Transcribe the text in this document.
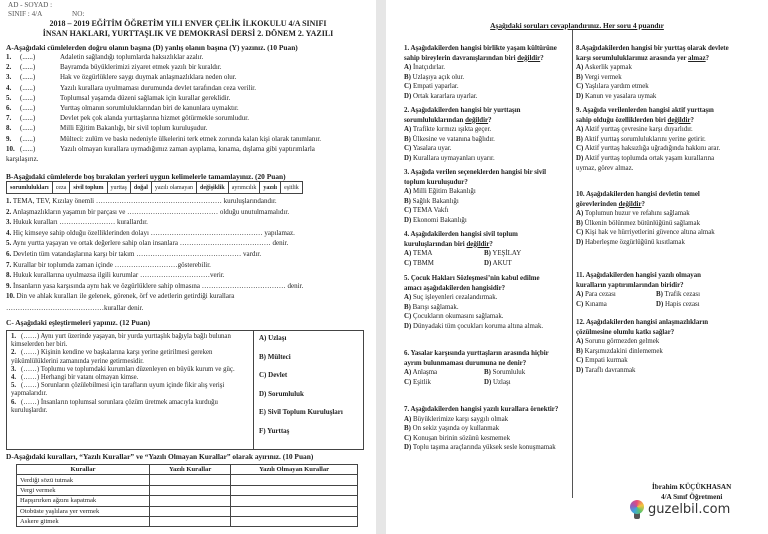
AD - SOYAD :
SINIF : 4/A	NO:
2018 – 2019 EĞİTİM ÖĞRETİM YILI ENVER ÇELİK İLKOKULU 4/A SINIFI
İNSAN HAKLARI, YURTTAŞLIK VE DEMOKRASİ DERSİ 2. DÖNEM 2. YAZILI
A-Aşağıdaki cümlelerden doğru olanın başına (D) yanlış olanın başına (Y) yazınız. (10 Puan)
1. (......)	Adaletin sağlandığı toplumlarda haksızlıklar azalır.
2. (......)	Bayramda büyüklerimizi ziyaret etmek yazılı bir kuraldır.
3. (......)	Hak ve özgürlüklere saygı duymak anlaşmazlıklara neden olur.
4. (......)	Yazılı kurallara uyulmaması durumunda devlet tarafından ceza verilir.
5. (......)	Toplumsal yaşamda düzeni sağlamak için kurallar gereklidir.
6. (......)	Yurttaş olmanın sorumluluklarından biri de kanunlara uymaktır.
7. (......)	Devlet pek çok alanda yurttaşlarına hizmet götürmekle sorumludur.
8. (......)	Milli Eğitim Bakanlığı, bir sivil toplum kuruluşudur.
9. (......)	Mülteci: zulüm ve baskı nedeniyle ülkelerini terk etmek zorunda kalan kişi olarak tanımlanır.
10. (......)	Yazılı olmayan kurallara uymadığımız zaman ayıplama, kınama, dışlama gibi yaptırımlarla
karşılaşırız.
B-Aşağıdaki cümlelerde boş bırakılan yerleri uygun kelimelerle tamamlayınız. (20 Puan)
sorumlulukları	ceza	sivil toplum	yurttaş	doğal	yazılı olamayan	değişiklik	ayrımcılık	yazılı	eşitlik
1. TEMA, TEV, Kızılay önemli ……………………………………………… kuruluşlarındandır.
2. Anlaşmazlıkların yaşamın bir parçası ve ………………………………… olduğu unutulmamalıdır.
3. Hukuk kuralları …………………… kurallardır.
4. Hiç kimseye sahip olduğu özelliklerinden dolayı ………………………………………… yapılamaz.
5. Aynı yurtta yaşayan ve ortak değerlere sahip olan insanlara ………………………………… denir.
6. Devletin tüm vatandaşlarına karşı bir takım ……………………………………… vardır.
7. Kurallar bir toplumda zaman içinde ………………………gösterebilir.
8. Hukuk kurallarına uyulmazsa ilgili kurumlar …………………………verir.
9. İnsanların yasa karşısında aynı hak ve özgürlüklere sahip olmasına ……………………………… denir.
10. Din ve ahlak kuralları ile gelenek, görenek, örf ve adetlerin getirdiği kurallara
……………………………………kurallar denir.
C- Aşağıdaki eşleştirmeleri yapınız. (12 Puan)
1. (……) Aynı yurt üzerinde yaşayan, bir yurda yurttaşlık bağıyla bağlı bulunan kimselerden her biri.
2. (……) Kişinin kendine ve başkalarına karşı yerine getirilmesi gereken yükümlülüklerini zamanında yerine getirmesidir.
3. (……) Toplumu ve toplumdaki kurumları düzenleyen en büyük kurum ve güç.
4. (……) Herhangi bir vatanı olmayan kimse.
5. (……) Sorunların çözülebilmesi için tarafların uyum içinde fikir alış verişi yapmalarıdır.
6. (……) İnsanların toplumsal sorunlara çözüm üretmek amacıyla kurduğu kuruluşlardır.
A) Uzlaşı
B) Mülteci
C) Devlet
D) Sorumluluk
E) Sivil Toplum Kuruluşları
F) Yurttaş
D-Aşağıdaki kuralları, “Yazılı Kurallar” ve “Yazılı Olmayan Kurallar” olarak ayırınız. (10 Puan)
Kurallar	Yazılı Kurallar	Yazılı Olmayan Kurallar
Verdiği sözü tutmak		
Vergi vermek		
Hapşırırken ağzını kapatmak		
Otobüste yaşlılara yer vermek		
Askere gitmek		
Aşağıdaki soruları cevaplandırınız. Her soru 4 puandır
1. Aşağıdakilerden hangisi birlikte yaşam kültürüne
sahip bireylerin davranışlarından biri değildir?
A) İnatçıdırlar.
B) Uzlaşıya açık olur.
C) Empati yaparlar.
D) Ortak kararlara uyarlar.
2. Aşağıdakilerden hangisi bir yurttaşın
sorumluluklarından değildir?
A) Trafikte kırmızı ışıkta geçer.
B) Ülkesine ve vatanına bağlıdır.
C) Yasalara uyar.
D) Kurallara uymayanları uyarır.
3. Aşağıda verilen seçeneklerden hangisi bir sivil
toplum kuruluşudur?
A) Milli Eğitim Bakanlığı
B) Sağlık Bakanlığı
C) TEMA Vakfı
D) Ekonomi Bakanlığı
4. Aşağıdakilerden hangisi sivil toplum
kuruluşlarından biri değildir?
A) TEMA	B) YEŞİLAY
C) TBMM	D) AKUT
5. Çocuk Hakları Sözleşmesi’nin kabul edilme
amacı aşağıdakilerden hangisidir?
A) Suç işleyenleri cezalandırmak.
B) Barışı sağlamak.
C) Çocukların okumasını sağlamak.
D) Dünyadaki tüm çocukları koruma altına almak.
6. Yasalar karşısında yurttaşların arasında hiçbir
ayrım bulunmaması durumuna ne denir?
A) Anlaşma	B) Sorumluluk
C) Eşitlik	D) Uzlaşı
7. Aşağıdakilerden hangisi yazılı kurallara örnektir?
A) Büyüklerimize karşı saygılı olmak
B) On sekiz yaşında oy kullanmak
C) Konuşan birinin sözünü kesmemek
D) Toplu taşıma araçlarında yüksek sesle konuşmamak
8.Aşağıdakilerden hangisi bir yurttaş olarak devlete
karşı sorumluluklarımız arasında yer almaz?
A) Askerlik yapmak
B) Vergi vermek
C) Yaşlılara yardım etmek
D) Kanun ve yasalara uymak
9. Aşağıda verilenlerden hangisi aktif yurttaşın
sahip olduğu özelliklerden biri değildir?
A) Aktif yurttaş çevresine karşı duyarlıdır.
B) Aktif yurttaş sorumluluklarını yerine getirir.
C) Aktif yurttaş haksızlığa uğradığında hakkını arar.
D) Aktif yurttaş toplumda ortak yaşam kurallarına
uymaz, görev almaz.
10. Aşağıdakilerden hangisi devletin temel
görevlerinden değildir?
A) Toplumun huzur ve refahını sağlamak
B) Ülkenin bölünmez bütünlüğünü sağlamak
C) Kişi hak ve hürriyetlerini güvence altına almak
D) Haberleşme özgürlüğünü kısıtlamak
11. Aşağıdakilerden hangisi yazılı olmayan
kuralların yaptırımlarından biridir?
A) Para cezası	B) Trafik cezası
C) Kınama	D) Hapis cezası
12. Aşağıdakilerden hangisi anlaşmazlıkların
çözülmesine olumlu katkı sağlar?
A) Sorunu görmezden gelmek
B) Karşımızdakini dinlememek
C) Empati kurmak
D) Taraflı davranmak
İbrahim KÜÇÜKHASAN
4/A Sınıf Öğretmeni
guzelbil.com
